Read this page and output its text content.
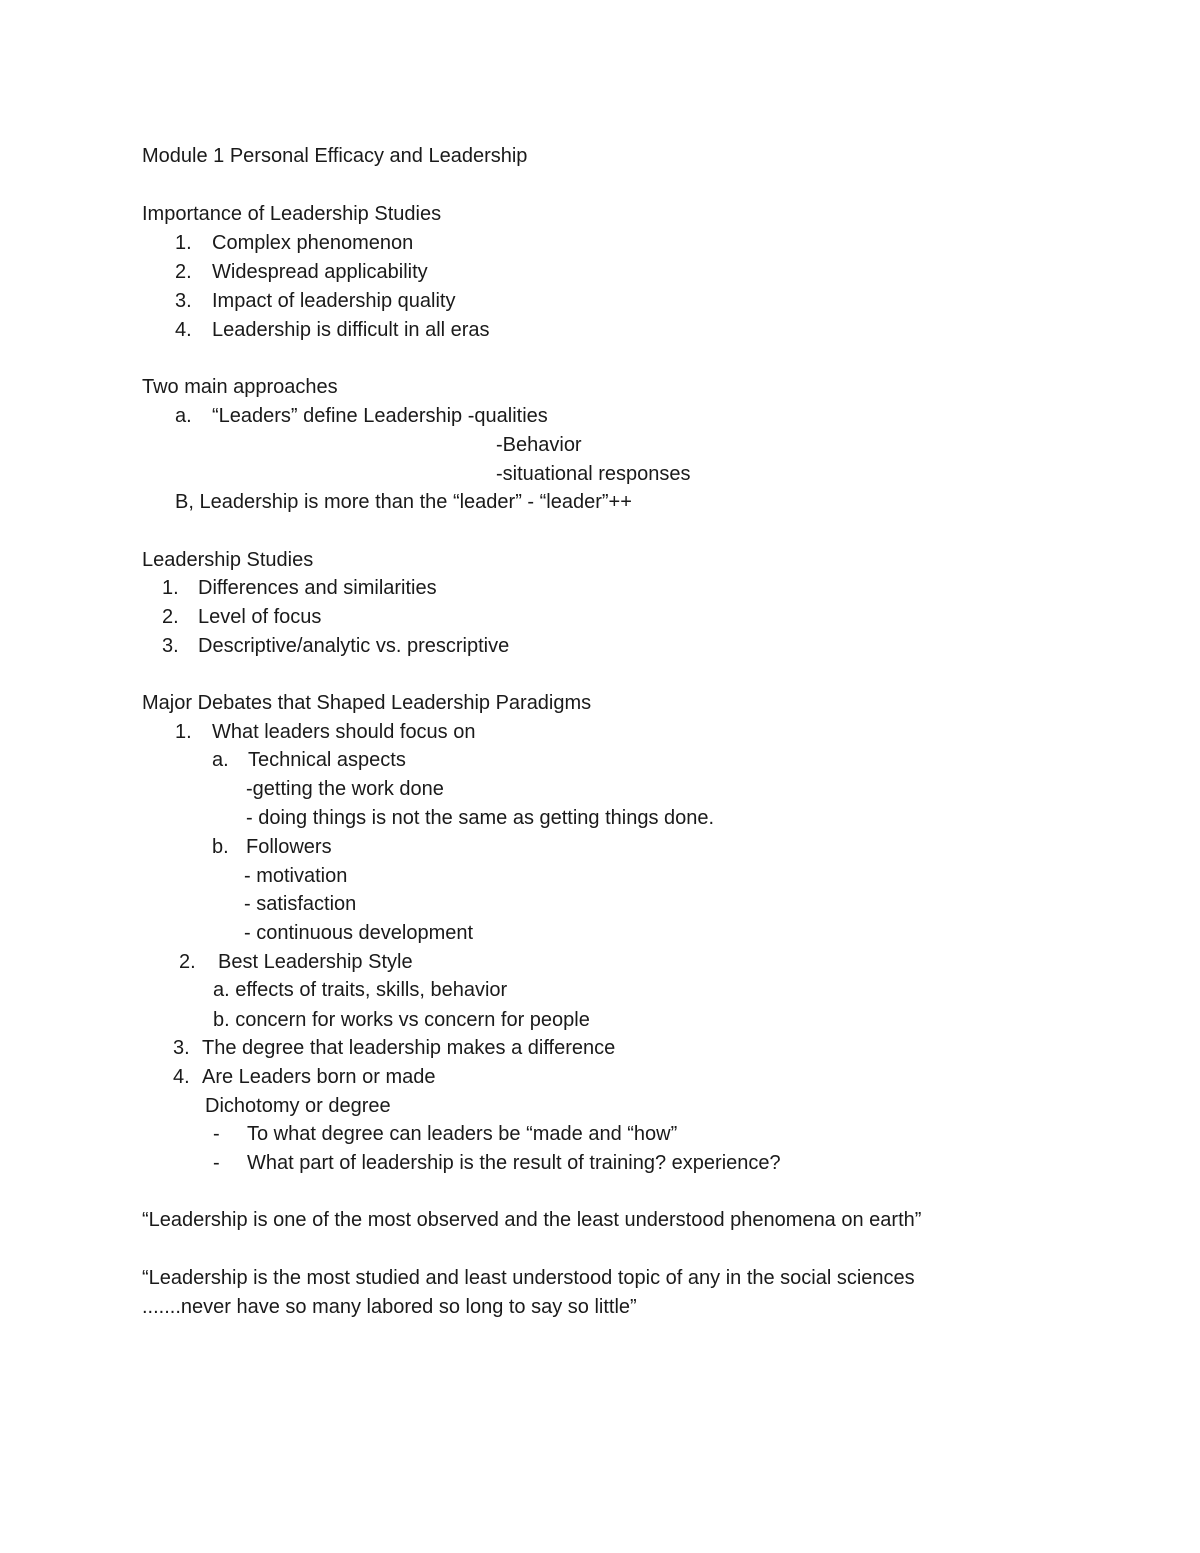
Module 1 Personal Efficacy and Leadership
Importance of Leadership Studies
1. Complex phenomenon
2. Widespread applicability
3. Impact of leadership quality
4. Leadership is difficult in all eras
Two main approaches
a. “Leaders” define Leadership -qualities
-Behavior
-situational responses
B, Leadership is more than the “leader” - “leader”++
Leadership Studies
1. Differences and similarities
2. Level of focus
3. Descriptive/analytic vs. prescriptive
Major Debates that Shaped Leadership Paradigms
1. What leaders should focus on
a. Technical aspects
-getting the work done
- doing things is not the same as getting things done.
b. Followers
- motivation
- satisfaction
- continuous development
2. Best Leadership Style
a. effects of traits, skills, behavior
b. concern for works vs concern for people
3. The degree that leadership makes a difference
4. Are Leaders born or made
Dichotomy or degree
- To what degree can leaders be “made and “how”
- What part of leadership is the result of training? experience?
“Leadership is one of the most observed and the least understood phenomena on earth”
“Leadership is the most studied and least understood topic of any in the social sciences
.......never have so many labored so long to say so little”
